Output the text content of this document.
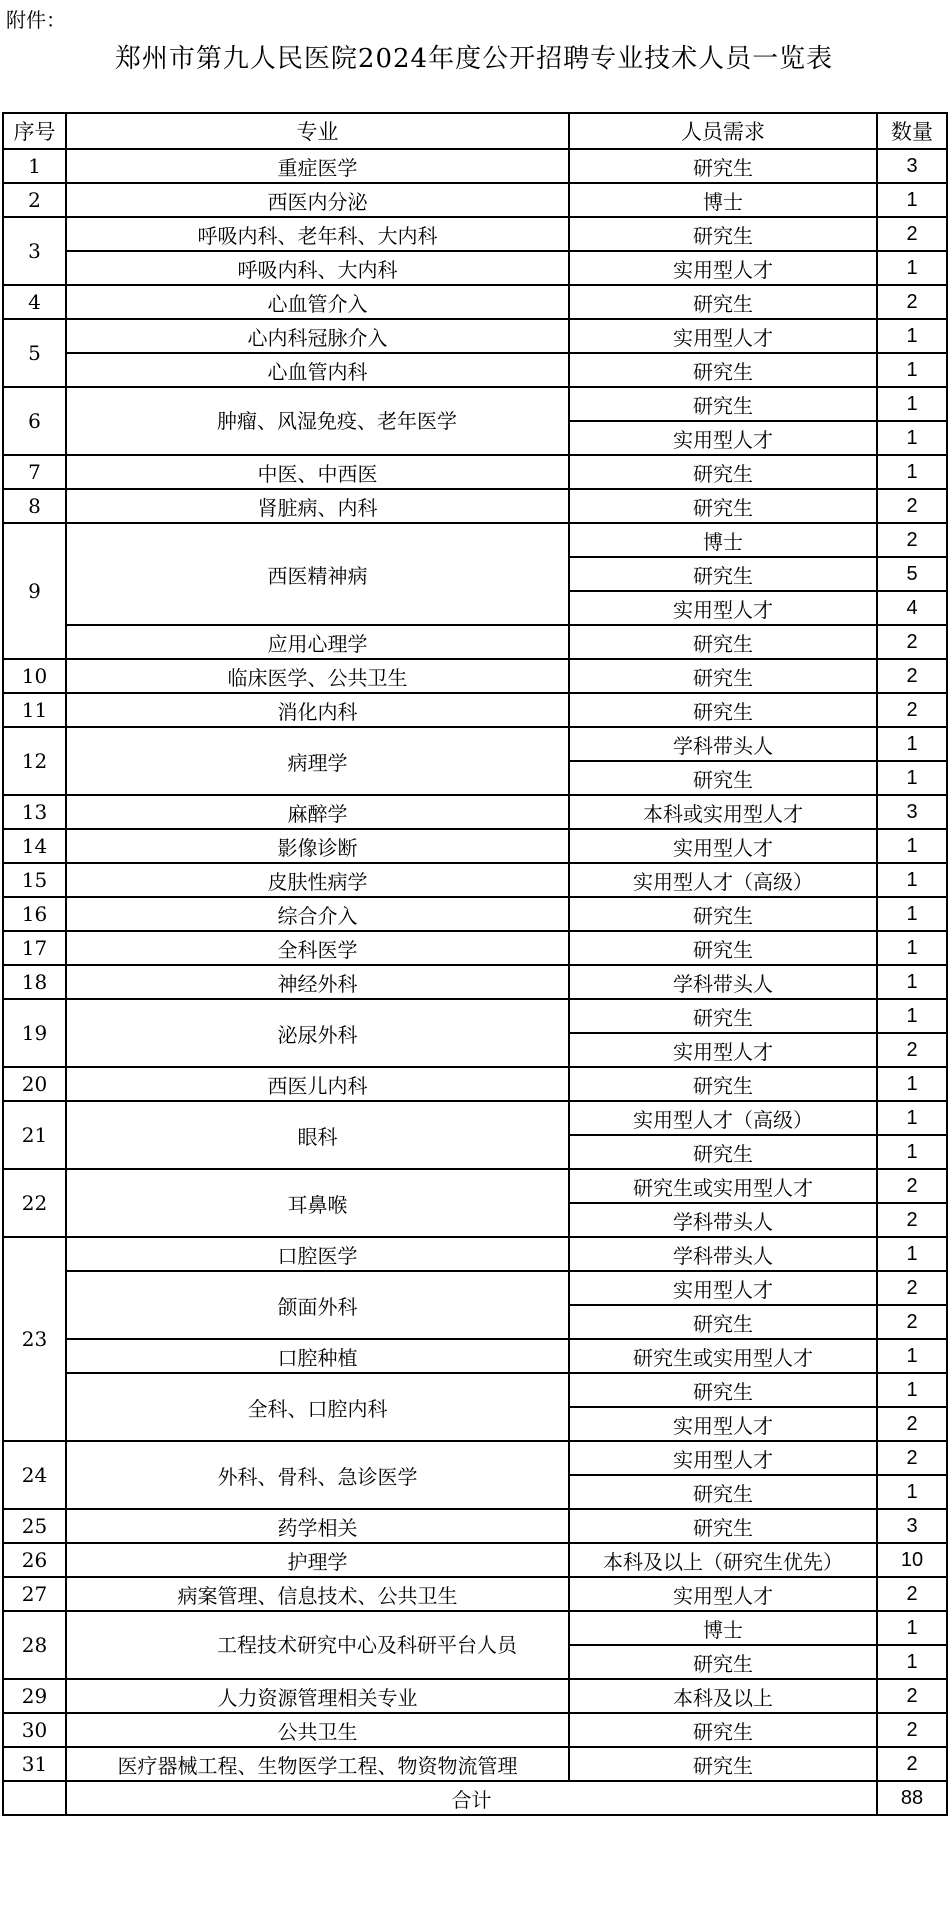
附件：
郑州市第九人民医院2024年度公开招聘专业技术人员一览表
序号	专业	人员需求	数量
1	重症医学	研究生	3
2	西医内分泌	博士	1
3	呼吸内科、老年科、大内科	研究生	2
	呼吸内科、大内科	实用型人才	1
4	心血管介入	研究生	2
5	心内科冠脉介入	实用型人才	1
	心血管内科	研究生	1
6	肿瘤、风湿免疫、老年医学	研究生	1
		实用型人才	1
7	中医、中西医	研究生	1
8	肾脏病、内科	研究生	2
9	西医精神病	博士	2
		研究生	5
		实用型人才	4
	应用心理学	研究生	2
10	临床医学、公共卫生	研究生	2
11	消化内科	研究生	2
12	病理学	学科带头人	1
		研究生	1
13	麻醉学	本科或实用型人才	3
14	影像诊断	实用型人才	1
15	皮肤性病学	实用型人才（高级）	1
16	综合介入	研究生	1
17	全科医学	研究生	1
18	神经外科	学科带头人	1
19	泌尿外科	研究生	1
		实用型人才	2
20	西医儿内科	研究生	1
21	眼科	实用型人才（高级）	1
		研究生	1
22	耳鼻喉	研究生或实用型人才	2
		学科带头人	2
23	口腔医学	学科带头人	1
	颌面外科	实用型人才	2
		研究生	2
	口腔种植	研究生或实用型人才	1
	全科、口腔内科	研究生	1
		实用型人才	2
24	外科、骨科、急诊医学	实用型人才	2
		研究生	1
25	药学相关	研究生	3
26	护理学	本科及以上（研究生优先）	10
27	病案管理、信息技术、公共卫生	实用型人才	2
28	工程技术研究中心及科研平台人员	博士	1
		研究生	1
29	人力资源管理相关专业	本科及以上	2
30	公共卫生	研究生	2
31	医疗器械工程、生物医学工程、物资物流管理	研究生	2
	合计		88
